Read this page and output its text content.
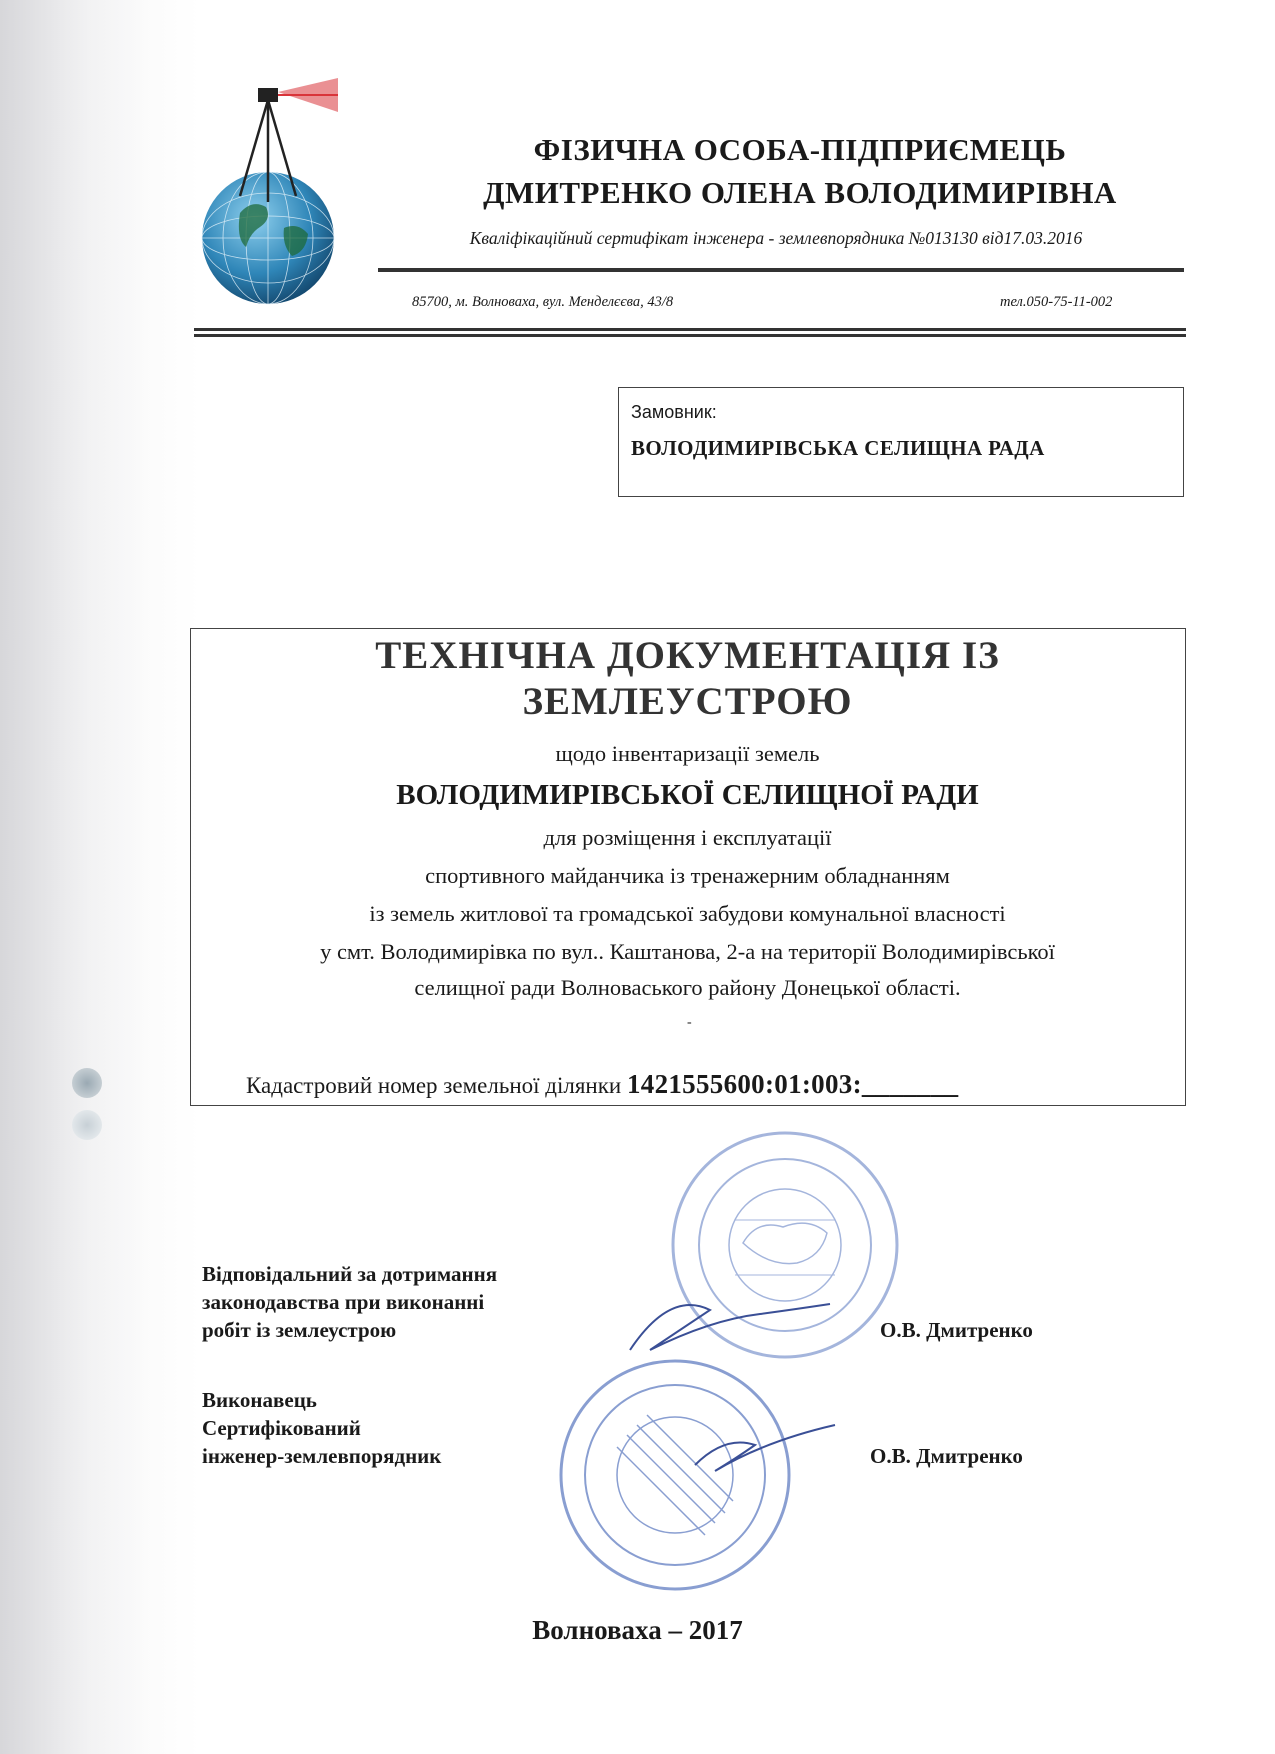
ФІЗИЧНА ОСОБА-ПІДПРИЄМЕЦЬ
ДМИТРЕНКО ОЛЕНА ВОЛОДИМИРІВНА
Кваліфікаційний сертифікат інженера - землевпорядника №013130 від17.03.2016
85700, м. Волноваха, вул. Менделєєва, 43/8	тел.050-75-11-002
Замовник:
ВОЛОДИМИРІВСЬКА СЕЛИЩНА РАДА
ТЕХНІЧНА ДОКУМЕНТАЦІЯ ІЗ
ЗЕМЛЕУСТРОЮ
щодо інвентаризації земель
ВОЛОДИМИРІВСЬКОЇ СЕЛИЩНОЇ РАДИ
для розміщення і експлуатації
спортивного майданчика із тренажерним обладнанням
із земель житлової та громадської забудови комунальної власності
у смт. Володимирівка по вул.. Каштанова, 2-а на території Володимирівської
селищної ради Волноваського району Донецької області.
-
Кадастровий номер земельної ділянки 1421555600:01:003:_______
Відповідальний за дотримання
законодавства при виконанні
робіт із землеустрою	О.В. Дмитренко
Виконавець
Сертифікований
інженер-землевпорядник	О.В. Дмитренко
Волноваха – 2017
